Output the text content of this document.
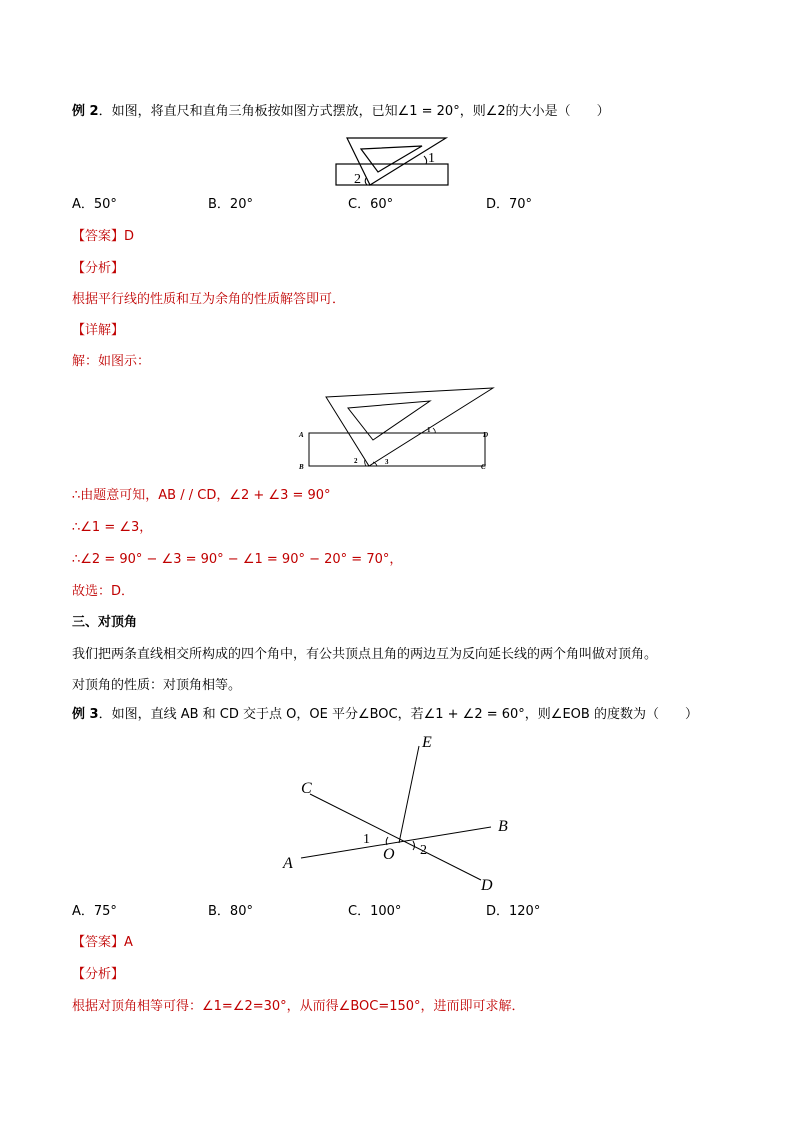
例 2．如图，将直尺和直角三角板按如图方式摆放，已知∠1 = 20°，则∠2的大小是（　　）
1
2
A．50°	B．20°	C．60°	D．70°
【答案】D
【分析】
根据平行线的性质和互为余角的性质解答即可．
【详解】
解：如图示：
A
B	C
D
1
2	3
∴由题意可知，AB / / CD，∠2 + ∠3 = 90°
∴∠1 = ∠3，
∴∠2 = 90° − ∠3 = 90° − ∠1 = 90° − 20° = 70°，
故选：D．
三、对顶角
我们把两条直线相交所构成的四个角中，有公共顶点且角的两边互为反向延长线的两个角叫做对顶角。
对顶角的性质：对顶角相等。
例 3．如图，直线 AB 和 CD 交于点 O，OE 平分∠BOC，若∠1 + ∠2 = 60°，则∠EOB 的度数为（　　）
A
B
C
D
E
O
1
2
A．75°	B．80°	C．100°	D．120°
【答案】A
【分析】
根据对顶角相等可得：∠1=∠2=30°，从而得∠BOC=150°，进而即可求解．
